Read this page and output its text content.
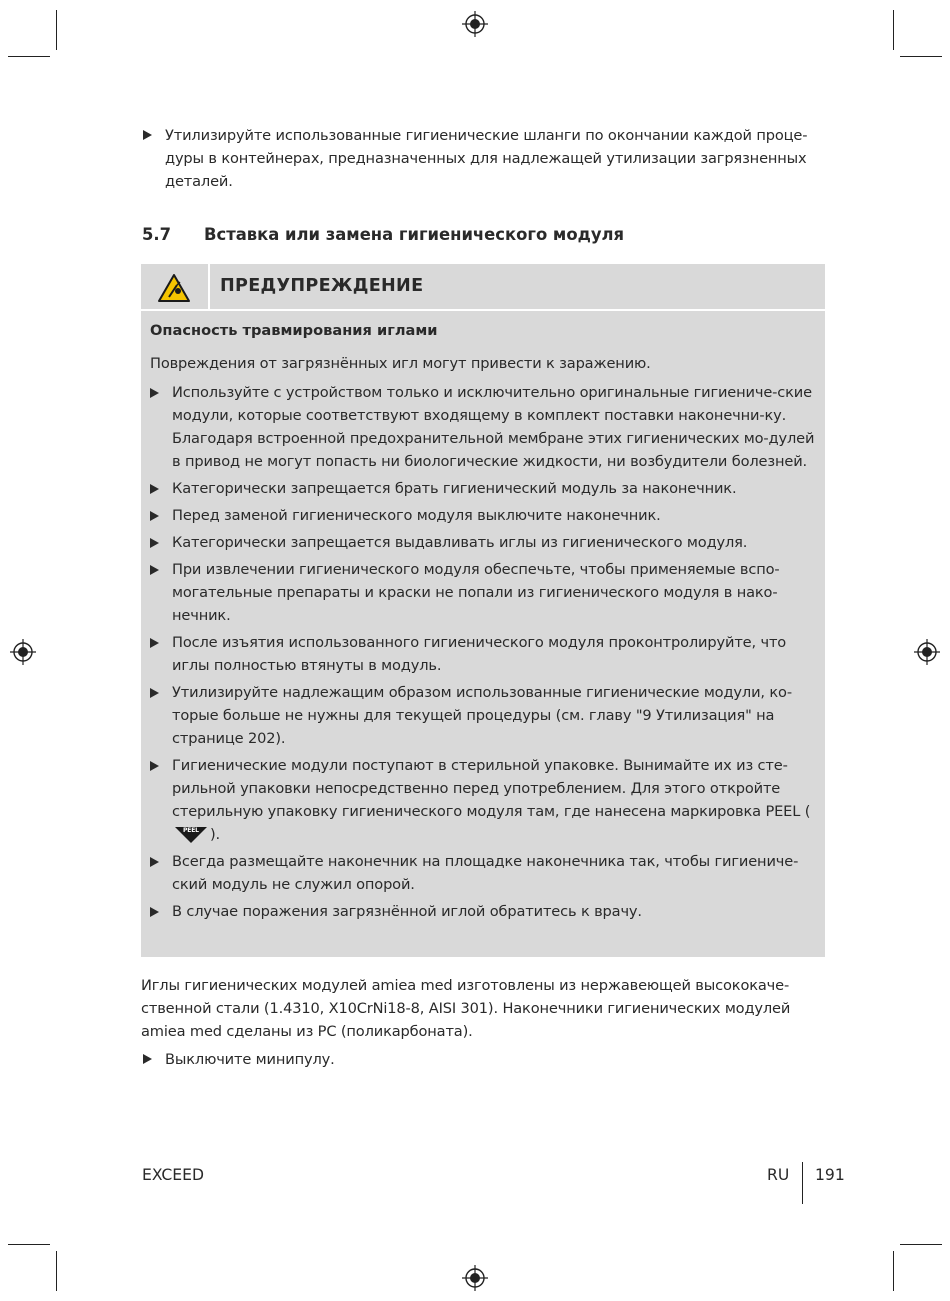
Утилизируйте использованные гигиенические шланги по окончании каждой проце-дуры в контейнерах, предназначенных для надлежащей утилизации загрязненных деталей.
5.7 Вставка или замена гигиенического модуля
ПРЕДУПРЕЖДЕНИЕ
Опасность травмирования иглами
Повреждения от загрязнённых игл могут привести к заражению.
Используйте с устройством только и исключительно оригинальные гигиениче-ские модули, которые соответствуют входящему в комплект поставки наконечни-ку. Благодаря встроенной предохранительной мембране этих гигиенических мо-дулей в привод не могут попасть ни биологические жидкости, ни возбудители болезней.
Категорически запрещается брать гигиенический модуль за наконечник.
Перед заменой гигиенического модуля выключите наконечник.
Категорически запрещается выдавливать иглы из гигиенического модуля.
При извлечении гигиенического модуля обеспечьте, чтобы применяемые вспо-могательные препараты и краски не попали из гигиенического модуля в нако-нечник.
После изъятия использованного гигиенического модуля проконтролируйте, что иглы полностью втянуты в модуль.
Утилизируйте надлежащим образом использованные гигиенические модули, ко-торые больше не нужны для текущей процедуры (см. главу "9 Утилизация" на странице 202).
Гигиенические модули поступают в стерильной упаковке. Вынимайте их из сте-рильной упаковки непосредственно перед употреблением. Для этого откройте стерильную упаковку гигиенического модуля там, где нанесена маркировка PEEL (
PEEL ).
Всегда размещайте наконечник на площадке наконечника так, чтобы гигиениче-ский модуль не служил опорой.
В случае поражения загрязнённой иглой обратитесь к врачу.
Иглы гигиенических модулей amiea med изготовлены из нержавеющей высококаче-ственной стали (1.4310, X10CrNi18-8, AISI 301). Наконечники гигиенических модулей amiea med сделаны из PC (поликарбоната).
Выключите минипулу.
EXCEED	RU 191
